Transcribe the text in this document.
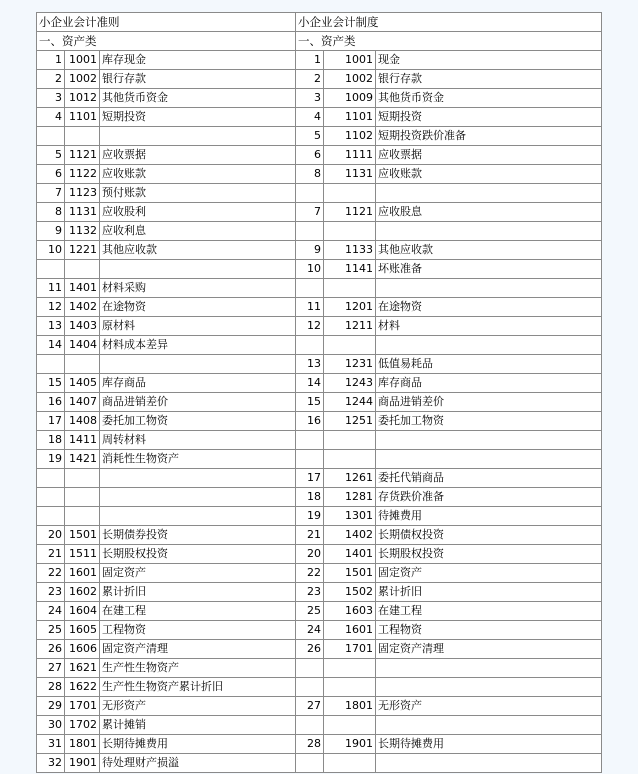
小企业会计准则			小企业会计制度		
一、资产类			一、资产类		
1	1001	库存现金	1	1001	现金
2	1002	银行存款	2	1002	银行存款
3	1012	其他货币资金	3	1009	其他货币资金
4	1101	短期投资	4	1101	短期投资
			5	1102	短期投资跌价准备
5	1121	应收票据	6	1111	应收票据
6	1122	应收账款	8	1131	应收账款
7	1123	预付账款			
8	1131	应收股利	7	1121	应收股息
9	1132	应收利息			
10	1221	其他应收款	9	1133	其他应收款
			10	1141	坏账准备
11	1401	材料采购			
12	1402	在途物资	11	1201	在途物资
13	1403	原材料	12	1211	材料
14	1404	材料成本差异			
			13	1231	低值易耗品
15	1405	库存商品	14	1243	库存商品
16	1407	商品进销差价	15	1244	商品进销差价
17	1408	委托加工物资	16	1251	委托加工物资
18	1411	周转材料			
19	1421	消耗性生物资产			
			17	1261	委托代销商品
			18	1281	存货跌价准备
			19	1301	待摊费用
20	1501	长期债券投资	21	1402	长期债权投资
21	1511	长期股权投资	20	1401	长期股权投资
22	1601	固定资产	22	1501	固定资产
23	1602	累计折旧	23	1502	累计折旧
24	1604	在建工程	25	1603	在建工程
25	1605	工程物资	24	1601	工程物资
26	1606	固定资产清理	26	1701	固定资产清理
27	1621	生产性生物资产			
28	1622	生产性生物资产累计折旧			
29	1701	无形资产	27	1801	无形资产
30	1702	累计摊销			
31	1801	长期待摊费用	28	1901	长期待摊费用
32	1901	待处理财产损溢			
